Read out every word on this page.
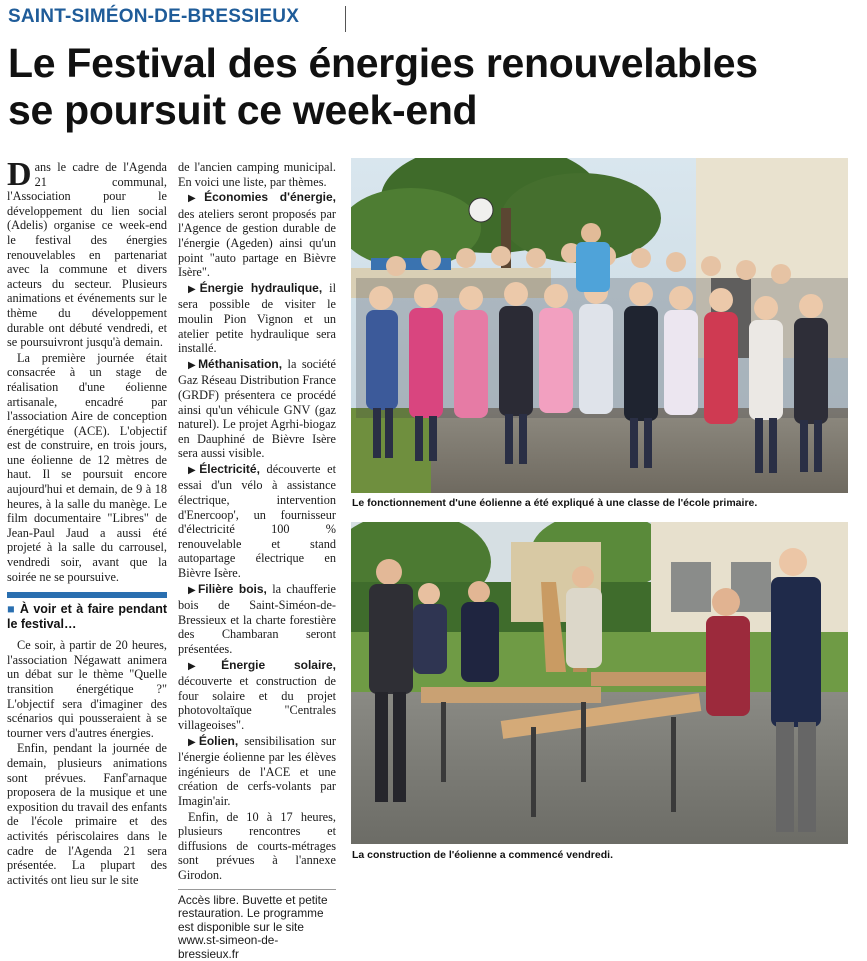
SAINT-SIMÉON-DE-BRESSIEUX
Le Festival des énergies renouvelables
se poursuit ce week-end

Dans le cadre de l'Agenda 21 communal, l'Association pour le développement du lien social (Adelis) organise ce week-end le festival des énergies renouvelables en partenariat avec la commune et divers acteurs du secteur. Plusieurs animations et événements sur le thème du développement durable ont débuté vendredi, et se poursuivront jusqu'à demain.

La première journée était consacrée à un stage de réalisation d'une éolienne artisanale, encadré par l'association Aire de conception énergétique (ACE). L'objectif est de construire, en trois jours, une éolienne de 12 mètres de haut. Il se poursuit encore aujourd'hui et demain, de 9 à 18 heures, à la salle du manège. Le film documentaire "Libres" de Jean-Paul Jaud a aussi été projeté à la salle du carrousel, vendredi soir, avant que la soirée ne se poursuive.

■ À voir et à faire pendant le festival…

Ce soir, à partir de 20 heures, l'association Négawatt animera un débat sur le thème "Quelle transition énergétique ?" L'objectif sera d'imaginer des scénarios qui pousseraient à se tourner vers d'autres énergies.

Enfin, pendant la journée de demain, plusieurs animations sont prévues. Fanf'arnaque proposera de la musique et une exposition du travail des enfants de l'école primaire et des activités périscolaires dans le cadre de l'Agenda 21 sera présentée. La plupart des activités ont lieu sur le site

de l'ancien camping municipal. En voici une liste, par thèmes.

▶Économies d'énergie, des ateliers seront proposés par l'Agence de gestion durable de l'énergie (Ageden) ainsi qu'un point "auto partage en Bièvre Isère".

▶Énergie hydraulique, il sera possible de visiter le moulin Pion Vignon et un atelier petite hydraulique sera installé.

▶Méthanisation, la société Gaz Réseau Distribution France (GRDF) présentera ce procédé ainsi qu'un véhicule GNV (gaz naturel). Le projet Agrhi-biogaz en Dauphiné de Bièvre Isère sera aussi visible.

▶Électricité, découverte et essai d'un vélo à assistance électrique, intervention d'Enercoop', un fournisseur d'électricité 100 % renouvelable et stand autopartage électrique en Bièvre Isère.

▶Filière bois, la chaufferie bois de Saint-Siméon-de-Bressieux et la charte forestière des Chambaran seront présentées.

▶Énergie solaire, découverte et construction de four solaire et du projet photovoltaïque "Centrales villageoises".

▶Éolien, sensibilisation sur l'énergie éolienne par les élèves ingénieurs de l'ACE et une création de cerfs-volants par Imagin'air.

Enfin, de 10 à 17 heures, plusieurs rencontres et diffusions de courts-métrages sont prévues à l'annexe Girodon.

Accès libre. Buvette et petite restauration. Le programme est disponible sur le site www.st-simeon-de-bressieux.fr
Le fonctionnement d'une éolienne a été expliqué à une classe de l'école primaire.
La construction de l'éolienne a commencé vendredi.
